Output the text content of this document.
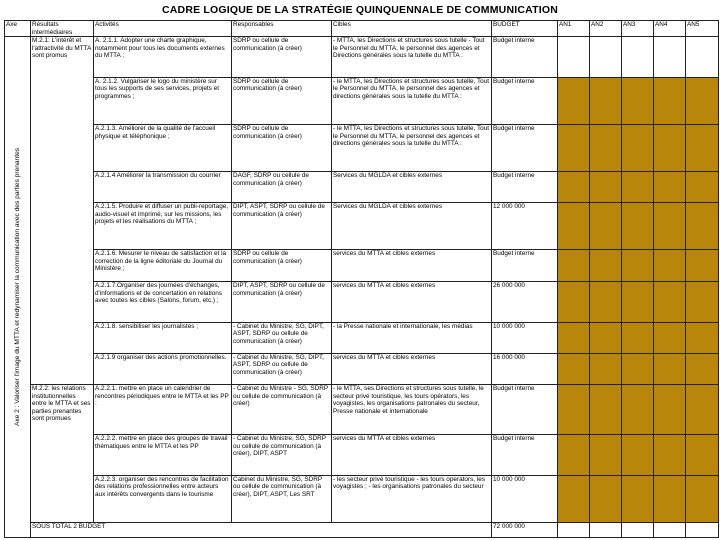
CADRE LOGIQUE DE LA STRATÉGIE QUINQUENNALE DE COMMUNICATION
Axe	Résultats intermédiaires	Activités	Responsables	Cibles	BUDGET	AN1	AN2	AN3	AN4	AN5

Axe 2 : Valoriser l'image du MTTA et redynamiser la communication avec des parties prenantes	M.2.1: L'intérêt et l'attractivité du MTTA sont promus	A. 2.1.1. Adopter une charte graphique, notamment pour tous les documents externes du MTTA ;	SDRP ou cellule de communication (à créer)	- MTTA, les Directions et structures sous tutelle - Tout le Personnel du MTTA, le personnel des agences et Directions générales sous la tutelle du MTTA :	Budget interne					
		A. 2.1.2. Vulgariser le logo du ministère sur tous les supports de ses services, projets et programmes ;	SDRP ou cellule de communication (à créer)	- le MTTA, les Directions et structures sous tutelle, Tout le Personnel du MTTA, le personnel des agences et directions générales sous la tutelle du MTTA :	Budget interne					
		A.2.1.3. Améliorer de la qualité de l'accueil physique et téléphonique ;	SDRP ou cellule de communication (à créer)	- le MTTA, les Directions et structures sous tutelle, Tout le Personnel du MTTA, le personnel des agences et directions générales sous la tutelle du MTTA :	Budget interne					
		A.2.1.4 Améliorer la transmission du courrier	DAGF, SDRP ou cellule de communication (à créer)	Services du MGLDA et cibles externes	Budget interne					
		A.2.1.5. Produire et diffuser un publi-reportage, audio-visuel et imprimé, sur les missions, les projets et les réalisations du MTTA ;	DIPT, ASPT, SDRP ou cellule de communication (à créer)	Services du MGLDA et cibles externes	12 000 000					
		A.2.1.6. Mesurer le niveau de satisfaction et la correction de la ligne éditoriale du Journal du Ministère ;	SDRP ou cellule de communication (à créer)	services du MTTA et cibles externes	Budget interne					
		A.2.1.7.Organiser des journées d'échanges, d'informations et de concertation en relations avec toutes les cibles (Salons, forum, etc.) ;	DIPT, ASPT, SDRP ou cellule de communication (à créer)	services du MTTA et cibles externes	26 000 000					
		A.2.1.8. sensibiliser les journalistes ;	- Cabinet du Ministre, SG, DIPT, ASPT, SDRP ou cellule de communication (à créer)	- la Presse nationale et internationale, les médias	10 000 000					
		A.2.1.9 organiser des actions promotionnelles.	- Cabinet du Ministre, SG, DIPT, ASPT, SDRP ou cellule de communication (à créer)	services du MTTA et cibles externes	16 000 000					
	M.2.2: les relations institutionnelles entre le MTTA et ses parties prenantes sont promues	A.2.2.1. mettre en place un calendrier de rencontres périodiques entre le MTTA et les PP :	- Cabinet du Ministre - SG, SDRP ou cellule de communication (à créer)	- le MTTA, ses Directions et structures sous tutelle, le secteur privé touristique, les tours opérators, les voyagistes, les organisations patronales du secteur, Presse nationale et internationale	Budget interne					
		A.2.2.2. mettre en place des groupes de travail thématiques entre le MTTA et les PP	- Cabinet du Ministre, SG, SDRP ou cellule de communication (à créer), DIPT, ASPT	services du MTTA et cibles externes	Budget interne					
		A.2.2.3. organiser des rencontres de facilitation des relations professionnelles entre acteurs aux intérêts convergents dans le tourisme	Cabinet du Ministre, SG, SDRP ou cellule de communication (à créer), DIPT, ASPT, Les SRT	- les secteur privé touristique - les tours operators, les voyagistes ; - les organisations patronales du secteur	10 000 000					
	SOUS TOTAL 2 BUDGET				72 000 000					
